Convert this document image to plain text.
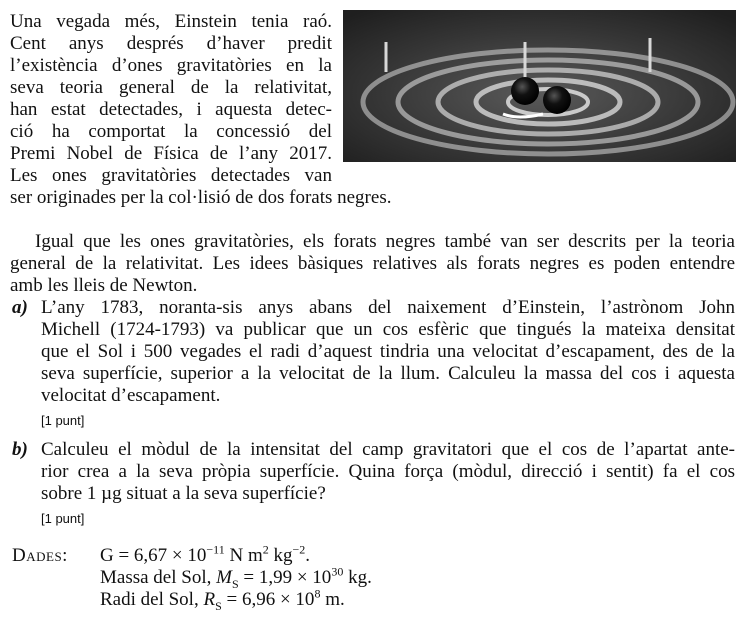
Una vegada més, Einstein tenia raó.
Cent anys després d’haver predit
l’existència d’ones gravitatòries en la
seva teoria general de la relativitat,
han estat detectades, i aquesta detec-
ció ha comportat la concessió del
Premi Nobel de Física de l’any 2017.
Les ones gravitatòries detectades van
ser originades per la col·lisió de dos forats negres.
Igual que les ones gravitatòries, els forats negres també van ser descrits per la teoria
general de la relativitat. Les idees bàsiques relatives als forats negres es poden entendre
amb les lleis de Newton.
a) L’any 1783, noranta-sis anys abans del naixement d’Einstein, l’astrònom John
Michell (1724-1793) va publicar que un cos esfèric que tingués la mateixa densitat
que el Sol i 500 vegades el radi d’aquest tindria una velocitat d’escapament, des de la
seva superfície, superior a la velocitat de la llum. Calculeu la massa del cos i aquesta
velocitat d’escapament.
[1 punt]
b) Calculeu el mòdul de la intensitat del camp gravitatori que el cos de l’apartat ante-
rior crea a la seva pròpia superfície. Quina força (mòdul, direcció i sentit) fa el cos
sobre 1 µg situat a la seva superfície?
[1 punt]
Dades: $G = 6,67 \times 10^{-11}$ N $m^2$ $kg^{-2}$.
Massa del Sol, $M_S = 1,99 \times 10^{30}$ kg.
Radi del Sol, $R_S = 6,96 \times 10^8$ m.
